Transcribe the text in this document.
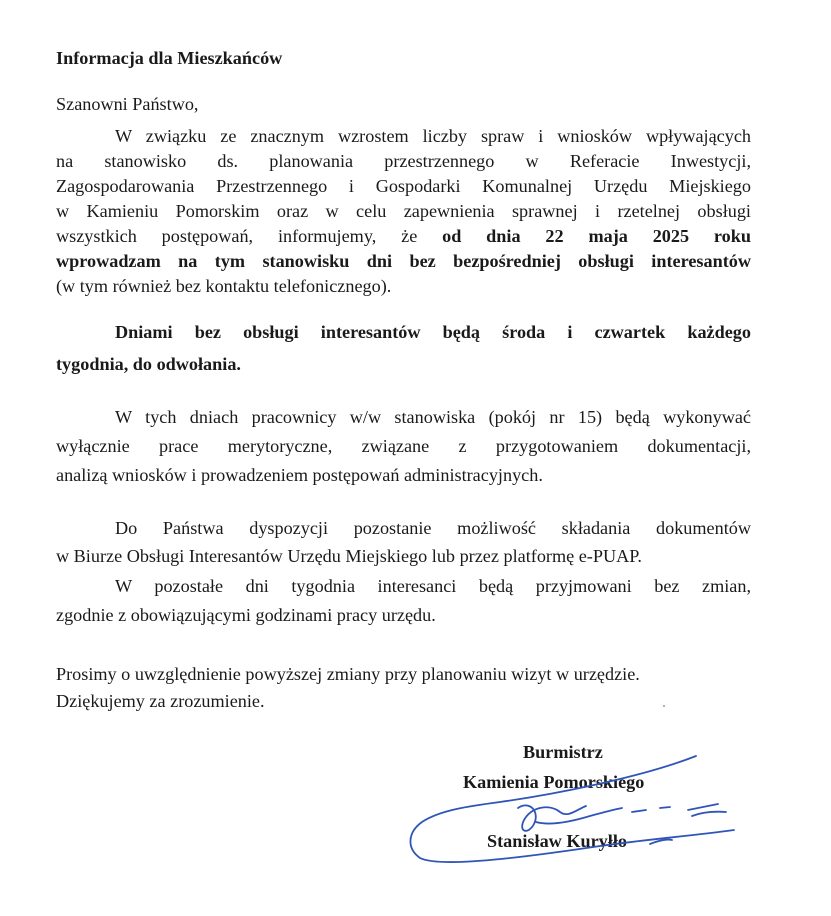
Informacja dla Mieszkańców
Szanowni Państwo,
W związku ze znacznym wzrostem liczby spraw i wniosków wpływających
na stanowisko ds. planowania przestrzennego w Referacie Inwestycji,
Zagospodarowania Przestrzennego i Gospodarki Komunalnej Urzędu Miejskiego
w Kamieniu Pomorskim oraz w celu zapewnienia sprawnej i rzetelnej obsługi
wszystkich postępowań, informujemy, że od dnia 22 maja 2025 roku
wprowadzam na tym stanowisku dni bez bezpośredniej obsługi interesantów
(w tym również bez kontaktu telefonicznego).
Dniami bez obsługi interesantów będą środa i czwartek każdego
tygodnia, do odwołania.
W tych dniach pracownicy w/w stanowiska (pokój nr 15) będą wykonywać
wyłącznie prace merytoryczne, związane z przygotowaniem dokumentacji,
analizą wniosków i prowadzeniem postępowań administracyjnych.
Do Państwa dyspozycji pozostanie możliwość składania dokumentów
w Biurze Obsługi Interesantów Urzędu Miejskiego lub przez platformę e-PUAP.
W pozostałe dni tygodnia interesanci będą przyjmowani bez zmian,
zgodnie z obowiązującymi godzinami pracy urzędu.
Prosimy o uwzględnienie powyższej zmiany przy planowaniu wizyt w urzędzie.
Dziękujemy za zrozumienie.
Burmistrz
Kamienia Pomorskiego
Stanisław Kuryłło
